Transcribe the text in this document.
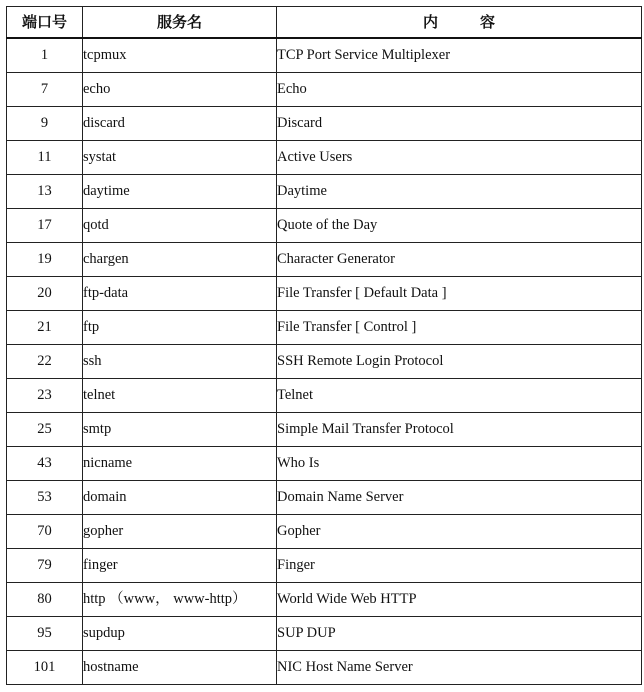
端口号	服务名	内 容
1	tcpmux	TCP Port Service Multiplexer
7	echo	Echo
9	discard	Discard
11	systat	Active Users
13	daytime	Daytime
17	qotd	Quote of the Day
19	chargen	Character Generator
20	ftp-data	File Transfer [ Default Data ]
21	ftp	File Transfer [ Control ]
22	ssh	SSH Remote Login Protocol
23	telnet	Telnet
25	smtp	Simple Mail Transfer Protocol
43	nicname	Who Is
53	domain	Domain Name Server
70	gopher	Gopher
79	finger	Finger
80	http （www， www-http）	World Wide Web HTTP
95	supdup	SUP DUP
101	hostname	NIC Host Name Server
